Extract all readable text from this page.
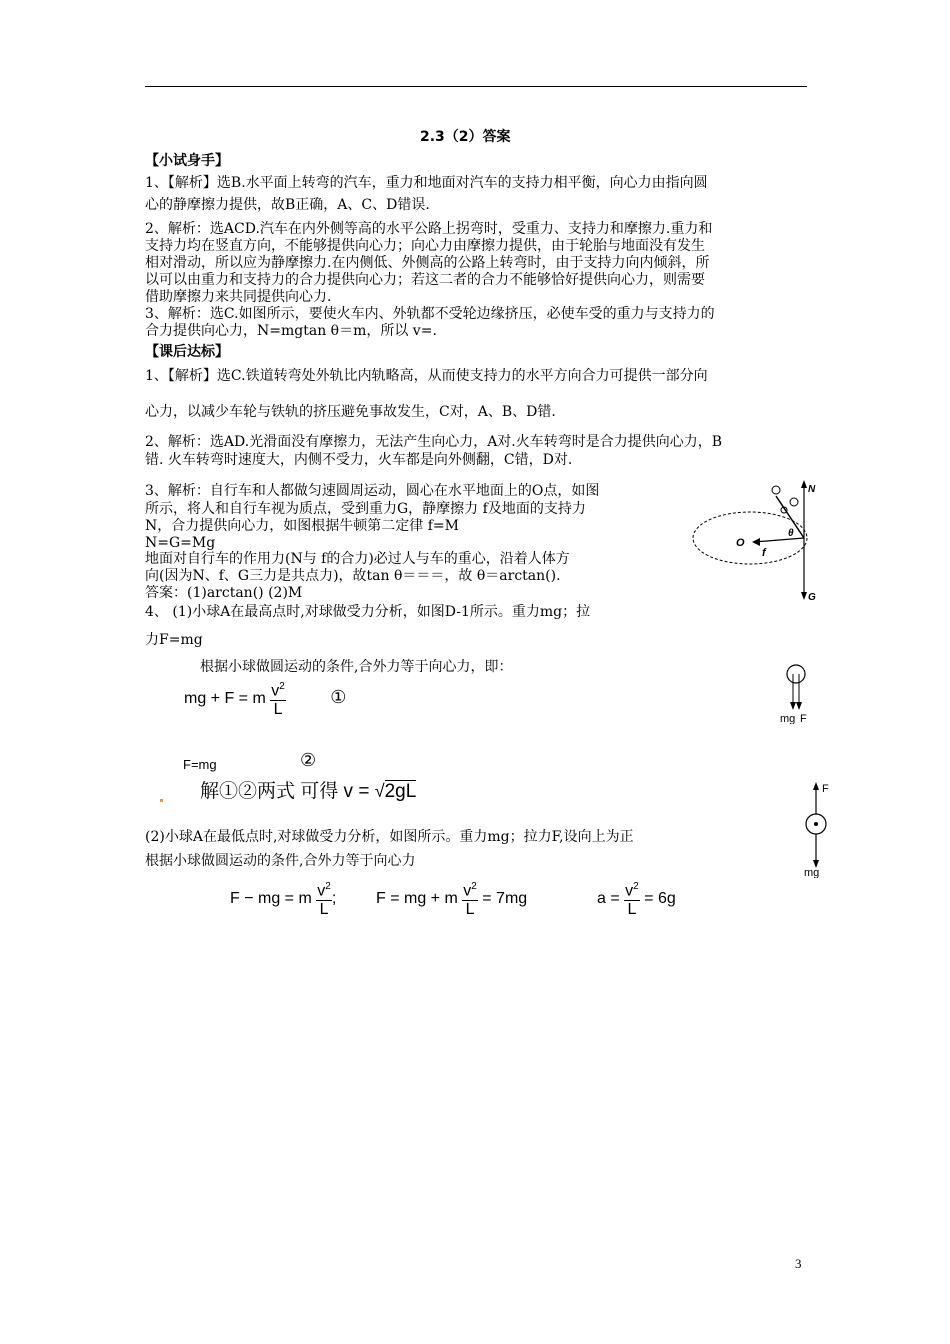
2.3（2）答案
【小试身手】
1、【解析】选B.水平面上转弯的汽车，重力和地面对汽车的支持力相平衡，向心力由指向圆
心的静摩擦力提供，故B正确，A、C、D错误.
2、解析：选ACD.汽车在内外侧等高的水平公路上拐弯时，受重力、支持力和摩擦力.重力和
支持力均在竖直方向，不能够提供向心力；向心力由摩擦力提供，由于轮胎与地面没有发生
相对滑动，所以应为静摩擦力.在内侧低、外侧高的公路上转弯时，由于支持力向内倾斜，所
以可以由重力和支持力的合力提供向心力；若这二者的合力不能够恰好提供向心力，则需要
借助摩擦力来共同提供向心力.
3、解析：选C.如图所示，要使火车内、外轨都不受轮边缘挤压，必使车受的重力与支持力的
合力提供向心力，N=mgtan θ＝m，所以 v=.
【课后达标】
1、【解析】选C.铁道转弯处外轨比内轨略高，从而使支持力的水平方向合力可提供一部分向
心力，以减少车轮与铁轨的挤压避免事故发生，C对，A、B、D错.
2、解析：选AD.光滑面没有摩擦力，无法产生向心力，A对.火车转弯时是合力提供向心力，B
错. 火车转弯时速度大，内侧不受力，火车都是向外侧翻，C错，D对.
3、解析：自行车和人都做匀速圆周运动，圆心在水平地面上的O点，如图
所示，将人和自行车视为质点，受到重力G，静摩擦力 f及地面的支持力
N，合力提供向心力，如图根据牛顿第二定律 f=M
N=G=Mg
地面对自行车的作用力(N与 f的合力)必过人与车的重心，沿着人体方
向(因为N、f、G三力是共点力)，故tan θ＝＝＝，故 θ＝arctan().
答案：(1)arctan() (2)M
N
G
O
f
θ
4、 (1)小球A在最高点时,对球做受力分析，如图D-1所示。重力mg；拉
力F=mg
根据小球做圆运动的条件,合外力等于向心力，即：
mg + F = m $\frac{v^2}{L}$ ①
mg F
F=mg	②
解①②两式 可得 v = √2gL	F
mg
(2)小球A在最低点时,对球做受力分析，如图所示。重力mg；拉力F,设向上为正
根据小球做圆运动的条件,合外力等于向心力
F − mg = m $\frac{v^2}{L}$ ; F = mg + m $\frac{v^2}{L} = 7mg$	$a = \frac{v^2}{L} = 6g$
3
